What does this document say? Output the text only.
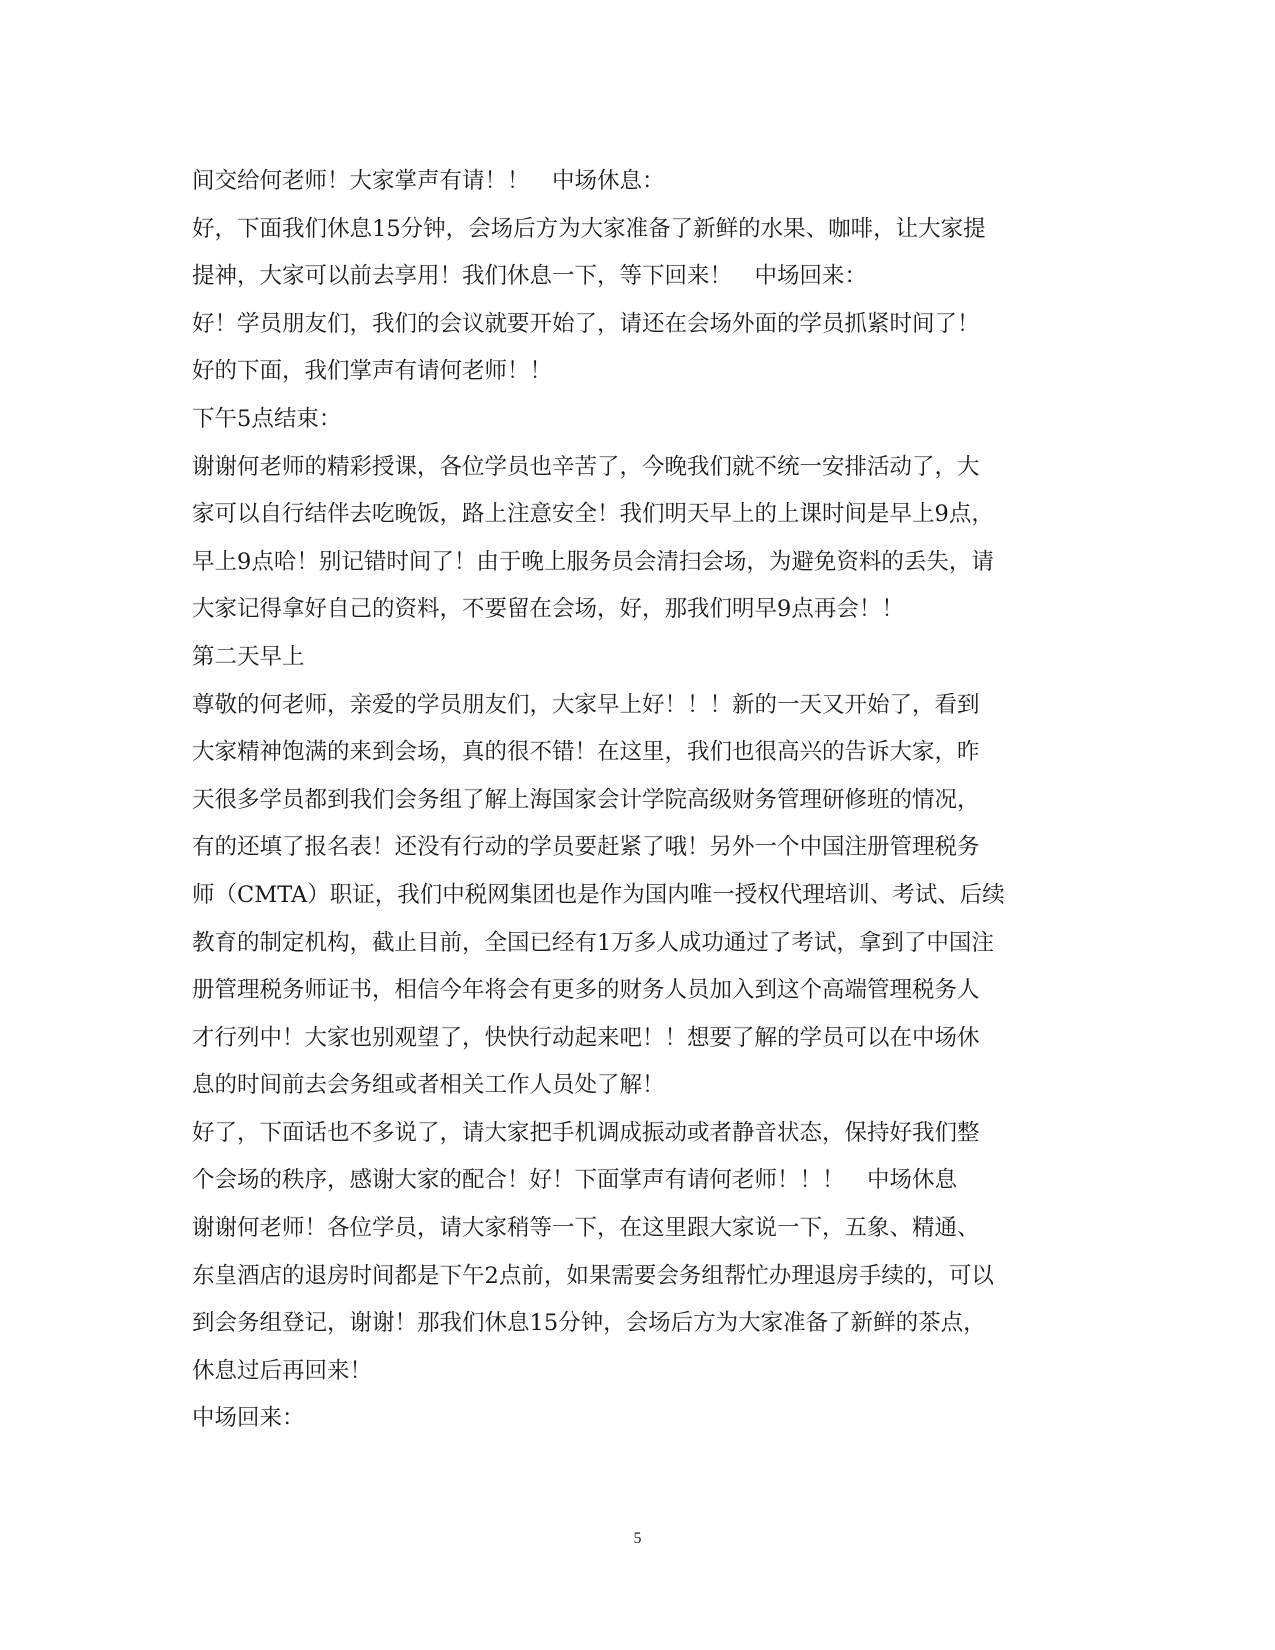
间交给何老师！大家掌声有请！！　中场休息：
好，下面我们休息15分钟，会场后方为大家准备了新鲜的水果、咖啡，让大家提
提神，大家可以前去享用！我们休息一下，等下回来！　中场回来：
好！学员朋友们，我们的会议就要开始了，请还在会场外面的学员抓紧时间了！
好的下面，我们掌声有请何老师！！
下午5点结束：
谢谢何老师的精彩授课，各位学员也辛苦了，今晚我们就不统一安排活动了，大
家可以自行结伴去吃晚饭，路上注意安全！我们明天早上的上课时间是早上9点，
早上9点哈！别记错时间了！由于晚上服务员会清扫会场，为避免资料的丢失，请
大家记得拿好自己的资料，不要留在会场，好，那我们明早9点再会！！
第二天早上
尊敬的何老师，亲爱的学员朋友们，大家早上好！！！新的一天又开始了，看到
大家精神饱满的来到会场，真的很不错！在这里，我们也很高兴的告诉大家，昨
天很多学员都到我们会务组了解上海国家会计学院高级财务管理研修班的情况，
有的还填了报名表！还没有行动的学员要赶紧了哦！另外一个中国注册管理税务
师（CMTA）职证，我们中税网集团也是作为国内唯一授权代理培训、考试、后续
教育的制定机构，截止目前，全国已经有1万多人成功通过了考试，拿到了中国注
册管理税务师证书，相信今年将会有更多的财务人员加入到这个高端管理税务人
才行列中！大家也别观望了，快快行动起来吧！！想要了解的学员可以在中场休
息的时间前去会务组或者相关工作人员处了解！
好了，下面话也不多说了，请大家把手机调成振动或者静音状态，保持好我们整
个会场的秩序，感谢大家的配合！好！下面掌声有请何老师！！！　中场休息
谢谢何老师！各位学员，请大家稍等一下，在这里跟大家说一下，五象、精通、
东皇酒店的退房时间都是下午2点前，如果需要会务组帮忙办理退房手续的，可以
到会务组登记，谢谢！那我们休息15分钟，会场后方为大家准备了新鲜的茶点，
休息过后再回来！
中场回来：
5
